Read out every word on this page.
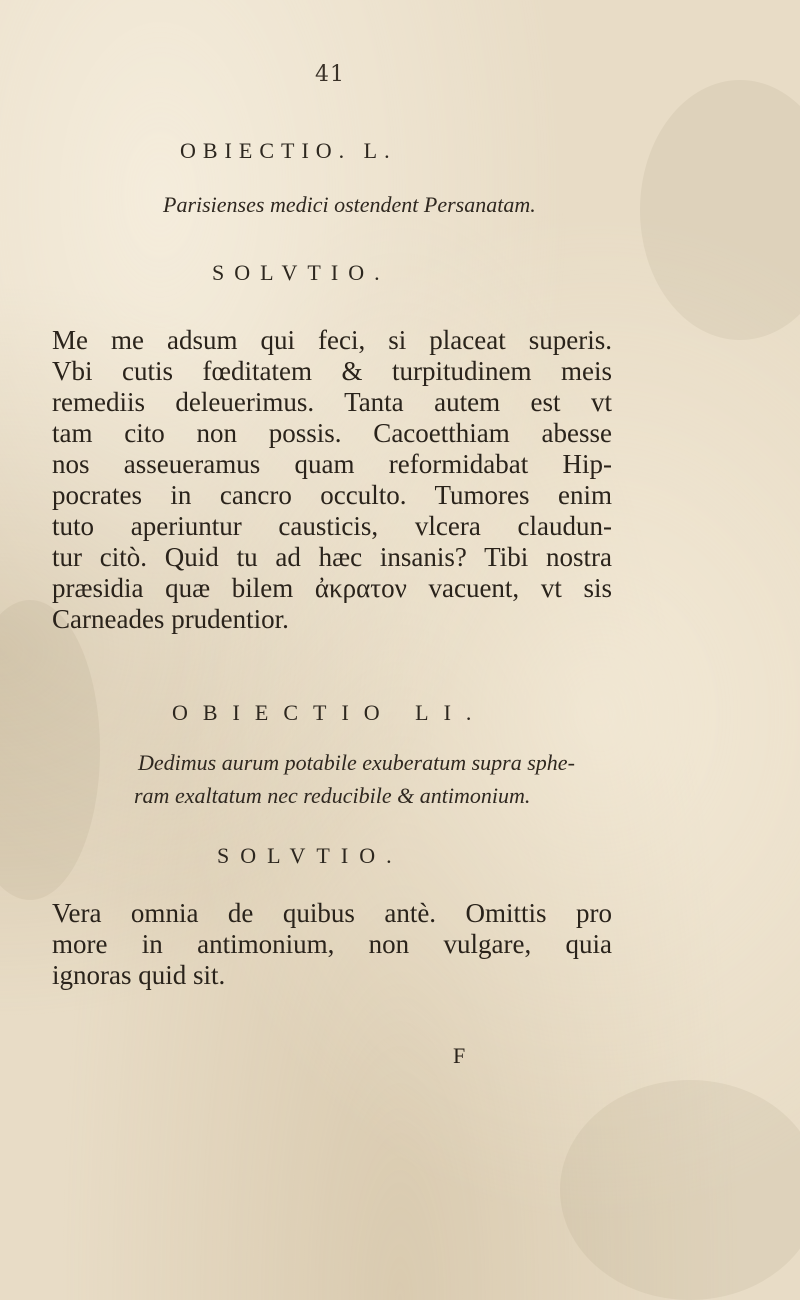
41
OBIECTIO. L.
Parisienses medici ostendent Persanatam.
SOLVTIO.
Me me adsum qui feci, si placeat superis.
Vbi cutis fœditatem & turpitudinem meis
remediis deleuerimus. Tanta autem est vt
tam cito non possis. Cacoetthiam abesse
nos asseueramus quam reformidabat Hip-
pocrates in cancro occulto. Tumores enim
tuto aperiuntur causticis, vlcera claudun-
tur citò. Quid tu ad hæc insanis? Tibi nostra
præsidia quæ bilem ἀκρατον vacuent, vt sis
Carneades prudentior.
OBIECTIO LI.
Dedimus aurum potabile exuberatum supra sphe-
ram exaltatum nec reducibile & antimonium.
SOLVTIO.
Vera omnia de quibus antè. Omittis pro
more in antimonium, non vulgare, quia
ignoras quid sit.
F
